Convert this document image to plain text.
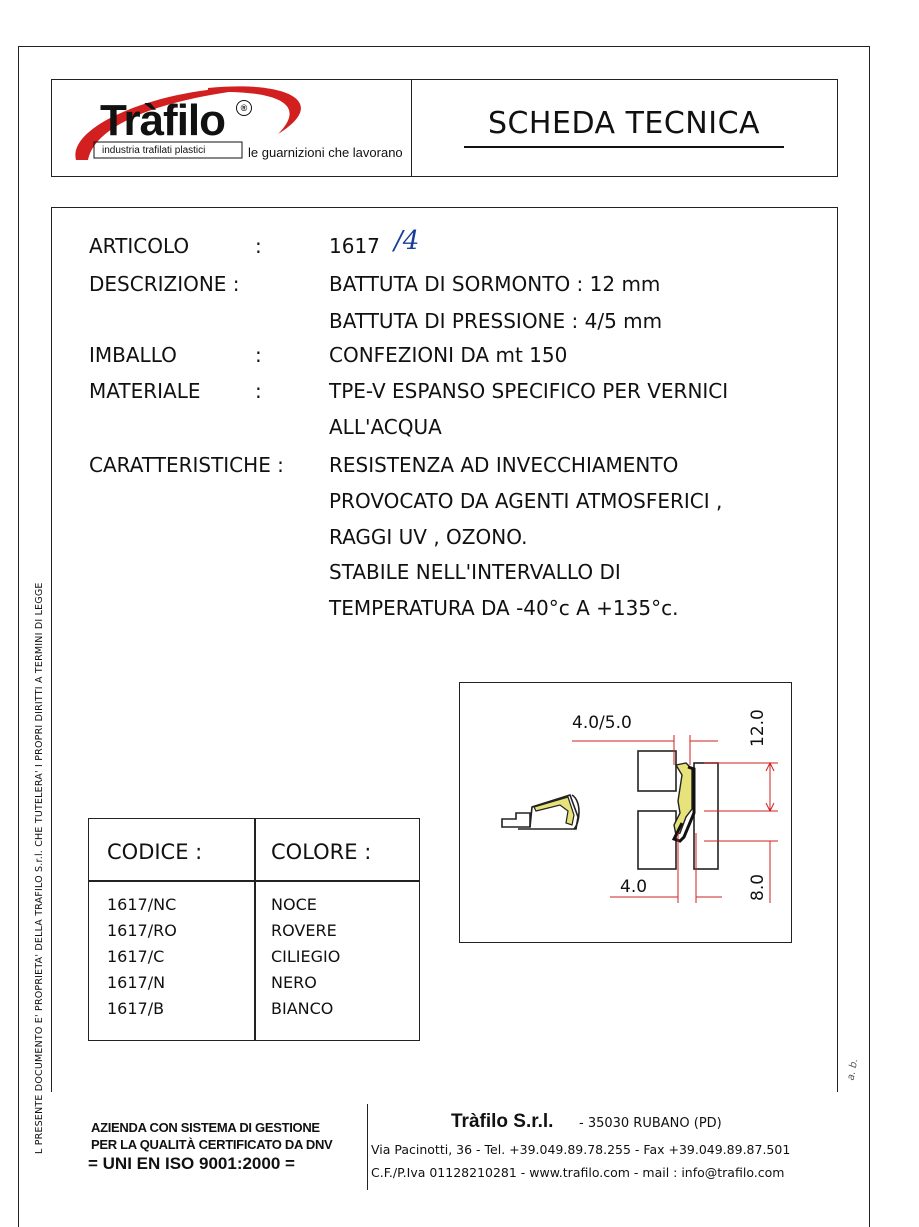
Tràfilo	®
industria trafilati plastici	le guarnizioni che lavorano
SCHEDA TECNICA
ARTICOLO	:	1617 /4
DESCRIZIONE :	BATTUTA DI SORMONTO : 12 mm
BATTUTA DI PRESSIONE : 4/5 mm
IMBALLO	:	CONFEZIONI DA mt 150
MATERIALE	:	TPE-V ESPANSO SPECIFICO PER VERNICI
ALL'ACQUA
CARATTERISTICHE : RESISTENZA AD INVECCHIAMENTO
PROVOCATO DA AGENTI ATMOSFERICI ,
RAGGI UV , OZONO.
STABILE NELL'INTERVALLO DI
TEMPERATURA DA -40°c A +135°c.
4.0/5.0
4.0
12.0
8.0
CODICE :	COLORE :
1617/NC	NOCE
1617/RO	ROVERE
1617/C	CILIEGIO
1617/N	NERO
1617/B	BIANCO
L PRESENTE DOCUMENTO E' PROPRIETA' DELLA TRAFILO S.r.l. CHE TUTELERA' I PROPRI DIRITTI A TERMINI DI LEGGE	a. b.
AZIENDA CON SISTEMA DI GESTIONE
PER LA QUALITÀ CERTIFICATO DA DNV
= UNI EN ISO 9001:2000 =
Tràfilo S.r.l. - 35030 RUBANO (PD)
Via Pacinotti, 36 - Tel. +39.049.89.78.255 - Fax +39.049.89.87.501
C.F./P.Iva 01128210281 - www.trafilo.com - mail : info@trafilo.com
